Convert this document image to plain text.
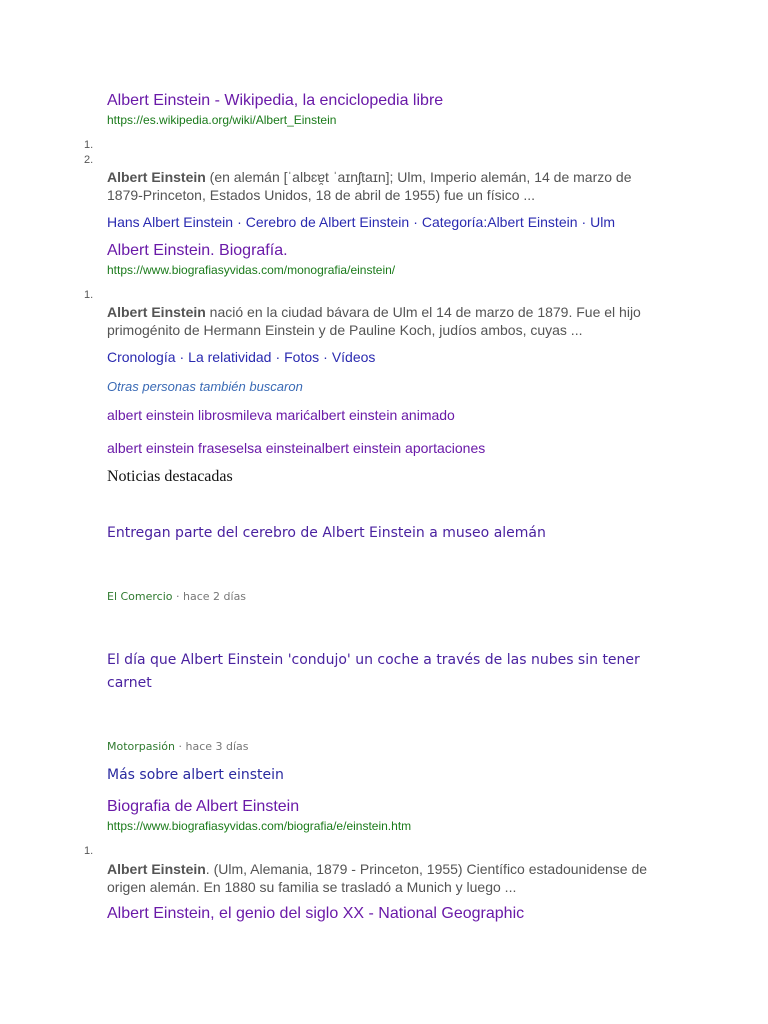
Albert Einstein - Wikipedia, la enciclopedia libre
https://es.wikipedia.org/wiki/Albert_Einstein
1.
2.
Albert Einstein (en alemán [ˈalbɛɐ̯t ˈaɪnʃtaɪn]; Ulm, Imperio alemán, 14 de marzo de 1879-Princeton, Estados Unidos, 18 de abril de 1955) fue un físico ...
Hans Albert Einstein · Cerebro de Albert Einstein · Categoría:Albert Einstein · Ulm
Albert Einstein. Biografía.
https://www.biografiasyvidas.com/monografia/einstein/
1.
Albert Einstein nació en la ciudad bávara de Ulm el 14 de marzo de 1879. Fue el hijo primogénito de Hermann Einstein y de Pauline Koch, judíos ambos, cuyas ...
Cronología · La relatividad · Fotos · Vídeos
Otras personas también buscaron
albert einstein librosmileva marićalbert einstein animado
albert einstein fraseselsa einsteinalbert einstein aportaciones
Noticias destacadas
Entregan parte del cerebro de Albert Einstein a museo alemán
El Comercio · hace 2 días
El día que Albert Einstein 'condujo' un coche a través de las nubes sin tener carnet
Motorpasión · hace 3 días
Más sobre albert einstein
Biografia de Albert Einstein
https://www.biografiasyvidas.com/biografia/e/einstein.htm
1.
Albert Einstein. (Ulm, Alemania, 1879 - Princeton, 1955) Científico estadounidense de origen alemán. En 1880 su familia se trasladó a Munich y luego ...
Albert Einstein, el genio del siglo XX - National Geographic
